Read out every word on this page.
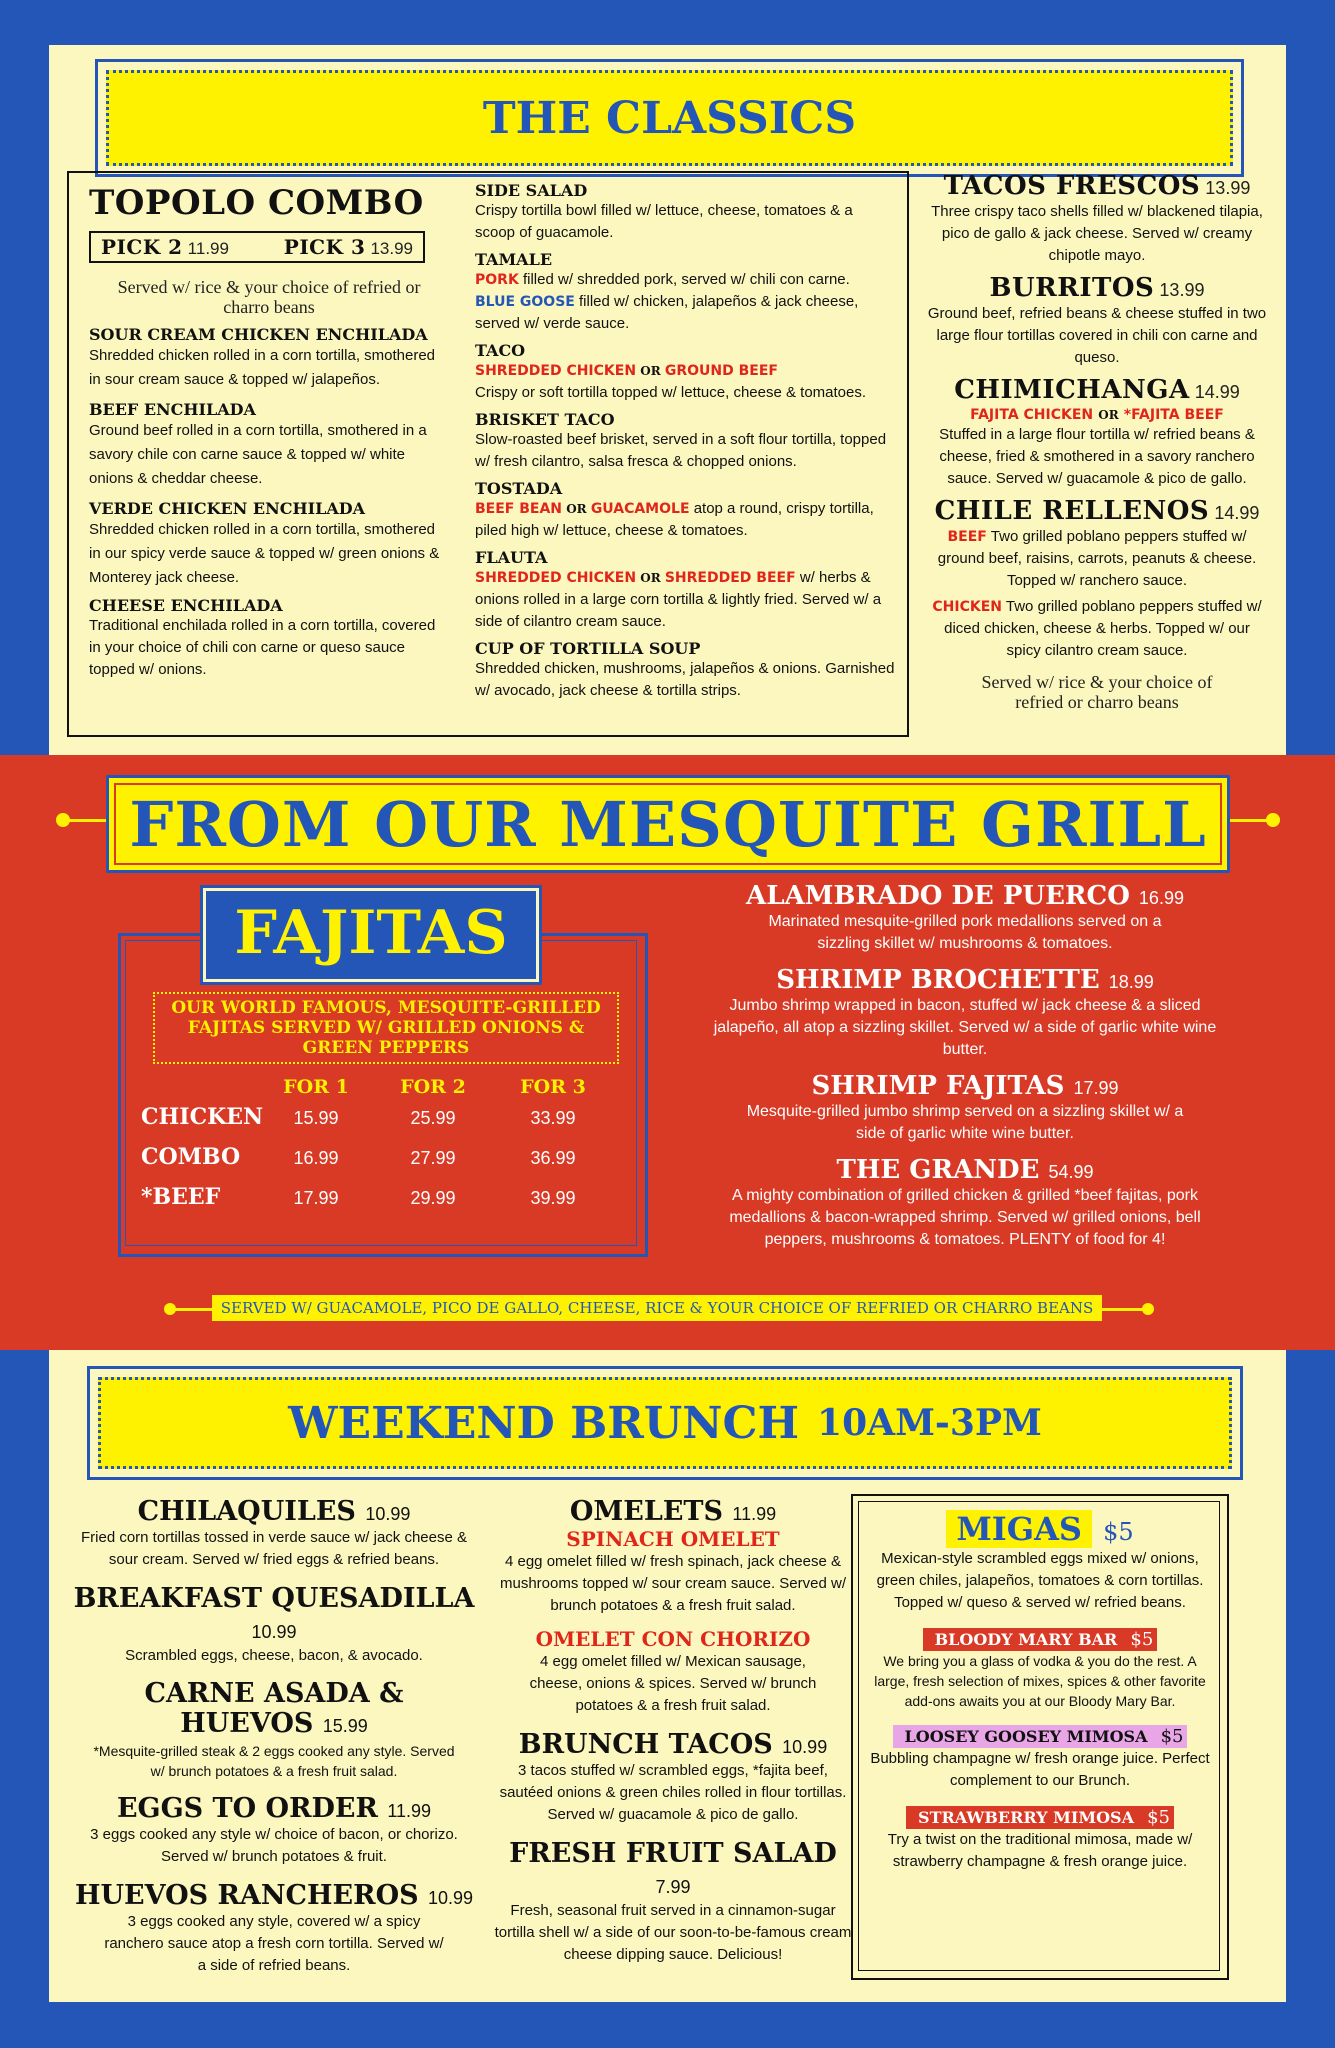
THE CLASSICS
TOPOLO COMBO
PICK 2 11.99	PICK 3 13.99
Served w/ rice & your choice of refried or charro beans
SOUR CREAM CHICKEN ENCHILADA
Shredded chicken rolled in a corn tortilla, smothered in sour cream sauce & topped w/ jalapeños.
BEEF ENCHILADA
Ground beef rolled in a corn tortilla, smothered in a savory chile con carne sauce & topped w/ white onions & cheddar cheese.
VERDE CHICKEN ENCHILADA
Shredded chicken rolled in a corn tortilla, smothered in our spicy verde sauce & topped w/ green onions & Monterey jack cheese.
CHEESE ENCHILADA
Traditional enchilada rolled in a corn tortilla, covered in your choice of chili con carne or queso sauce topped w/ onions.
SIDE SALAD
Crispy tortilla bowl filled w/ lettuce, cheese, tomatoes & a scoop of guacamole.
TAMALE
PORK filled w/ shredded pork, served w/ chili con carne.
BLUE GOOSE filled w/ chicken, jalapeños & jack cheese, served w/ verde sauce.
TACO
SHREDDED CHICKEN OR GROUND BEEF
Crispy or soft tortilla topped w/ lettuce, cheese & tomatoes.
BRISKET TACO
Slow-roasted beef brisket, served in a soft flour tortilla, topped w/ fresh cilantro, salsa fresca & chopped onions.
TOSTADA
BEEF BEAN OR GUACAMOLE atop a round, crispy tortilla, piled high w/ lettuce, cheese & tomatoes.
FLAUTA
SHREDDED CHICKEN OR SHREDDED BEEF w/ herbs & onions rolled in a large corn tortilla & lightly fried. Served w/ a side of cilantro cream sauce.
CUP OF TORTILLA SOUP
Shredded chicken, mushrooms, jalapeños & onions. Garnished w/ avocado, jack cheese & tortilla strips.
TACOS FRESCOS 13.99
Three crispy taco shells filled w/ blackened tilapia, pico de gallo & jack cheese. Served w/ creamy chipotle mayo.
BURRITOS 13.99
Ground beef, refried beans & cheese stuffed in two large flour tortillas covered in chili con carne and queso.
CHIMICHANGA 14.99
FAJITA CHICKEN OR *FAJITA BEEF
Stuffed in a large flour tortilla w/ refried beans & cheese, fried & smothered in a savory ranchero sauce. Served w/ guacamole & pico de gallo.
CHILE RELLENOS 14.99
BEEF Two grilled poblano peppers stuffed w/ ground beef, raisins, carrots, peanuts & cheese. Topped w/ ranchero sauce.
CHICKEN Two grilled poblano peppers stuffed w/ diced chicken, cheese & herbs. Topped w/ our spicy cilantro cream sauce.
Served w/ rice & your choice of refried or charro beans
FROM OUR MESQUITE GRILL
FAJITAS
OUR WORLD FAMOUS, MESQUITE-GRILLED FAJITAS SERVED W/ GRILLED ONIONS & GREEN PEPPERS
FOR 1	FOR 2	FOR 3
CHICKEN	15.99	25.99	33.99
COMBO	16.99	27.99	36.99
*BEEF	17.99	29.99	39.99
ALAMBRADO DE PUERCO 16.99
Marinated mesquite-grilled pork medallions served on a sizzling skillet w/ mushrooms & tomatoes.
SHRIMP BROCHETTE 18.99
Jumbo shrimp wrapped in bacon, stuffed w/ jack cheese & a sliced jalapeño, all atop a sizzling skillet. Served w/ a side of garlic white wine butter.
SHRIMP FAJITAS 17.99
Mesquite-grilled jumbo shrimp served on a sizzling skillet w/ a side of garlic white wine butter.
THE GRANDE 54.99
A mighty combination of grilled chicken & grilled *beef fajitas, pork medallions & bacon-wrapped shrimp. Served w/ grilled onions, bell peppers, mushrooms & tomatoes. PLENTY of food for 4!
SERVED W/ GUACAMOLE, PICO DE GALLO, CHEESE, RICE & YOUR CHOICE OF REFRIED OR CHARRO BEANS
WEEKEND BRUNCH 10AM-3PM
CHILAQUILES 10.99
Fried corn tortillas tossed in verde sauce w/ jack cheese & sour cream. Served w/ fried eggs & refried beans.
BREAKFAST QUESADILLA 10.99
Scrambled eggs, cheese, bacon, & avocado.
CARNE ASADA & HUEVOS 15.99
*Mesquite-grilled steak & 2 eggs cooked any style. Served w/ brunch potatoes & a fresh fruit salad.
EGGS TO ORDER 11.99
3 eggs cooked any style w/ choice of bacon, or chorizo. Served w/ brunch potatoes & fruit.
HUEVOS RANCHEROS 10.99
3 eggs cooked any style, covered w/ a spicy ranchero sauce atop a fresh corn tortilla. Served w/ a side of refried beans.
OMELETS 11.99
SPINACH OMELET
4 egg omelet filled w/ fresh spinach, jack cheese & mushrooms topped w/ sour cream sauce. Served w/ brunch potatoes & a fresh fruit salad.
OMELET CON CHORIZO
4 egg omelet filled w/ Mexican sausage, cheese, onions & spices. Served w/ brunch potatoes & a fresh fruit salad.
BRUNCH TACOS 10.99
3 tacos stuffed w/ scrambled eggs, *fajita beef, sautéed onions & green chiles rolled in flour tortillas. Served w/ guacamole & pico de gallo.
FRESH FRUIT SALAD 7.99
Fresh, seasonal fruit served in a cinnamon-sugar tortilla shell w/ a side of our soon-to-be-famous cream cheese dipping sauce. Delicious!
MIGAS $5
Mexican-style scrambled eggs mixed w/ onions, green chiles, jalapeños, tomatoes & corn tortillas. Topped w/ queso & served w/ refried beans.
BLOODY MARY BAR $5
We bring you a glass of vodka & you do the rest. A large, fresh selection of mixes, spices & other favorite add-ons awaits you at our Bloody Mary Bar.
LOOSEY GOOSEY MIMOSA $5
Bubbling champagne w/ fresh orange juice. Perfect complement to our Brunch.
STRAWBERRY MIMOSA $5
Try a twist on the traditional mimosa, made w/ strawberry champagne & fresh orange juice.
